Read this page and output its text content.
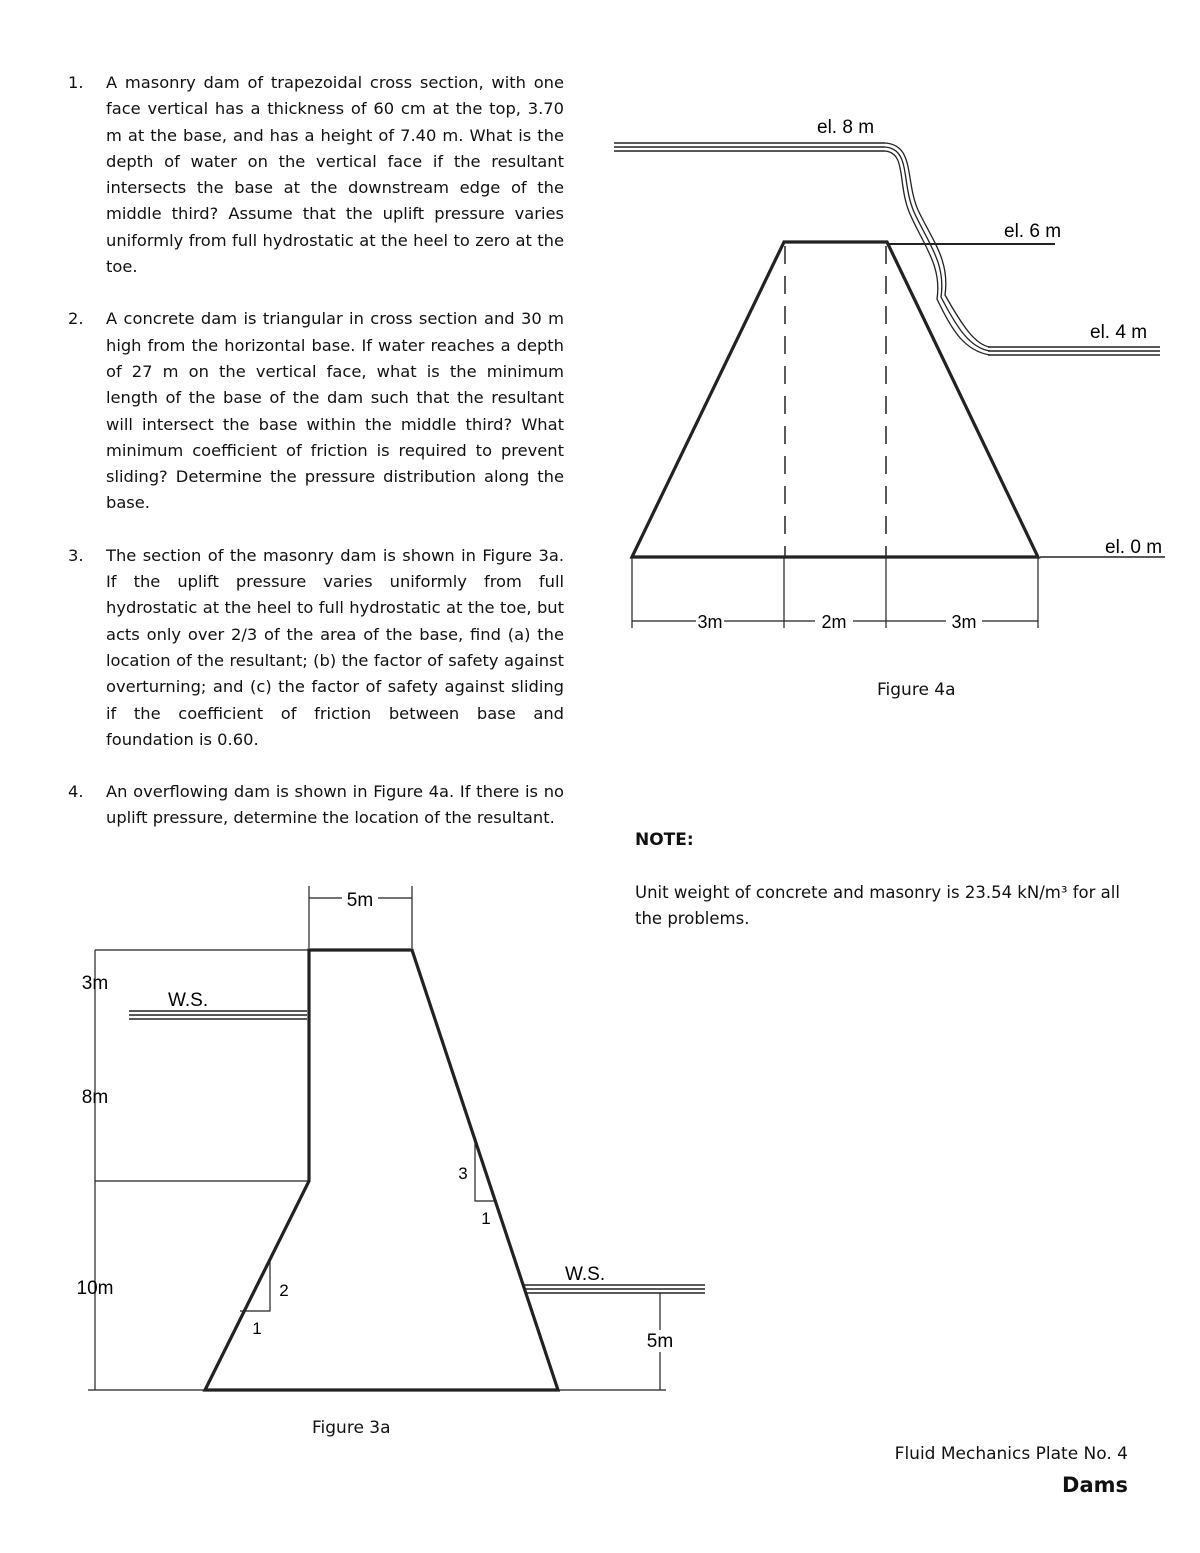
1. A masonry dam of trapezoidal cross section, with one face vertical has a thickness of 60 cm at the top, 3.70 m at the base, and has a height of 7.40 m. What is the depth of water on the vertical face if the resultant intersects the base at the downstream edge of the middle third? Assume that the uplift pressure varies uniformly from full hydrostatic at the heel to zero at the toe.
2. A concrete dam is triangular in cross section and 30 m high from the horizontal base. If water reaches a depth of 27 m on the vertical face, what is the minimum length of the base of the dam such that the resultant will intersect the base within the middle third? What minimum coefficient of friction is required to prevent sliding? Determine the pressure distribution along the base.
3. The section of the masonry dam is shown in Figure 3a. If the uplift pressure varies uniformly from full hydrostatic at the heel to full hydrostatic at the toe, but acts only over 2/3 of the area of the base, find (a) the location of the resultant; (b) the factor of safety against overturning; and (c) the factor of safety against sliding if the coefficient of friction between base and foundation is 0.60.
4. An overflowing dam is shown in Figure 4a. If there is no uplift pressure, determine the location of the resultant.
el. 8 m
el. 6 m
el. 4 m
el. 0 m
3m	2m	3m
Figure 4a
5m
3m
8m
10m
W.S.
W.S.
5m
3
1
2
1
Figure 3a
NOTE:
Unit weight of concrete and masonry is 23.54 kN/m³ for all the problems.
Fluid Mechanics Plate No. 4
Dams
